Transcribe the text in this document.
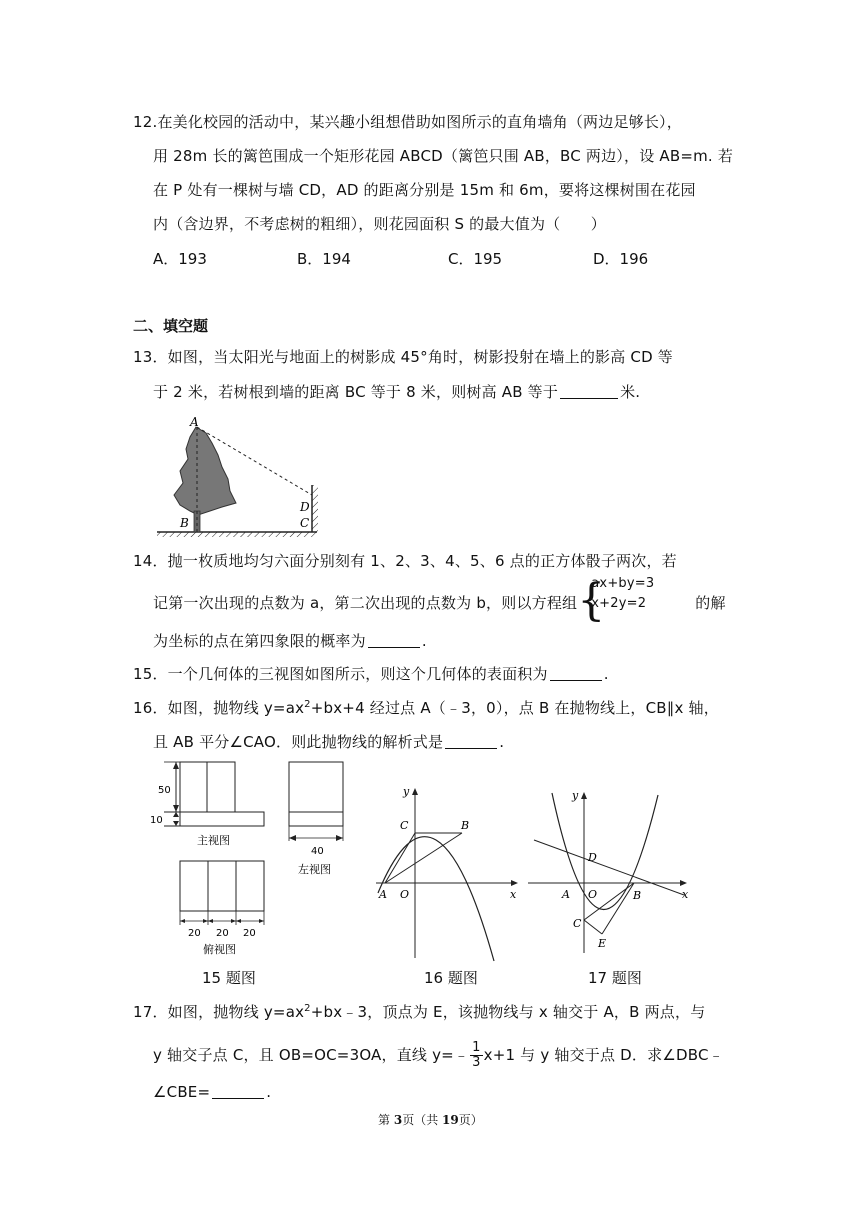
12.在美化校园的活动中，某兴趣小组想借助如图所示的直角墙角（两边足够长），
用 28m 长的篱笆围成一个矩形花园 ABCD（篱笆只围 AB，BC 两边），设 AB=m. 若
在 P 处有一棵树与墙 CD，AD 的距离分别是 15m 和 6m，要将这棵树围在花园
内（含边界，不考虑树的粗细），则花园面积 S 的最大值为（　　）
A．193	B．194	C．195	D．196
二、填空题
13．如图，当太阳光与地面上的树影成 45°角时，树影投射在墙上的影高 CD 等
于 2 米，若树根到墙的距离 BC 等于 8 米，则树高 AB 等于	米.
A
B
D
C
14．抛一枚质地均匀六面分别刻有 1、2、3、4、5、6 点的正方体骰子两次，若
记第一次出现的点数为 a，第二次出现的点数为 b，则以方程组 {
ax+by=3
x+2y=2	的解
为坐标的点在第四象限的概率为	.
15．一个几何体的三视图如图所示，则这个几何体的表面积为	.
16．如图，抛物线 $y=ax^2+bx+4$ 经过点 A（﹣3，0），点 B 在抛物线上，CB∥x 轴，
且 AB 平分∠CAO．则此抛物线的解析式是	.
50
10
主视图
40
左视图
20 20 20
俯视图
y
x
A O
C	B
y
x
A O
D
B
C
E
15 题图	16 题图	17 题图
17．如图，抛物线 $y=ax^2+bx﹣3$，顶点为 E，该抛物线与 x 轴交于 A，B 两点，与
y 轴交子点 C，且 OB=OC=3OA，直线 y=﹣ $\frac{1}{3} x+1$ 与 y 轴交于点 D．求∠DBC﹣
∠CBE=	.
第 3页（共 19页）
